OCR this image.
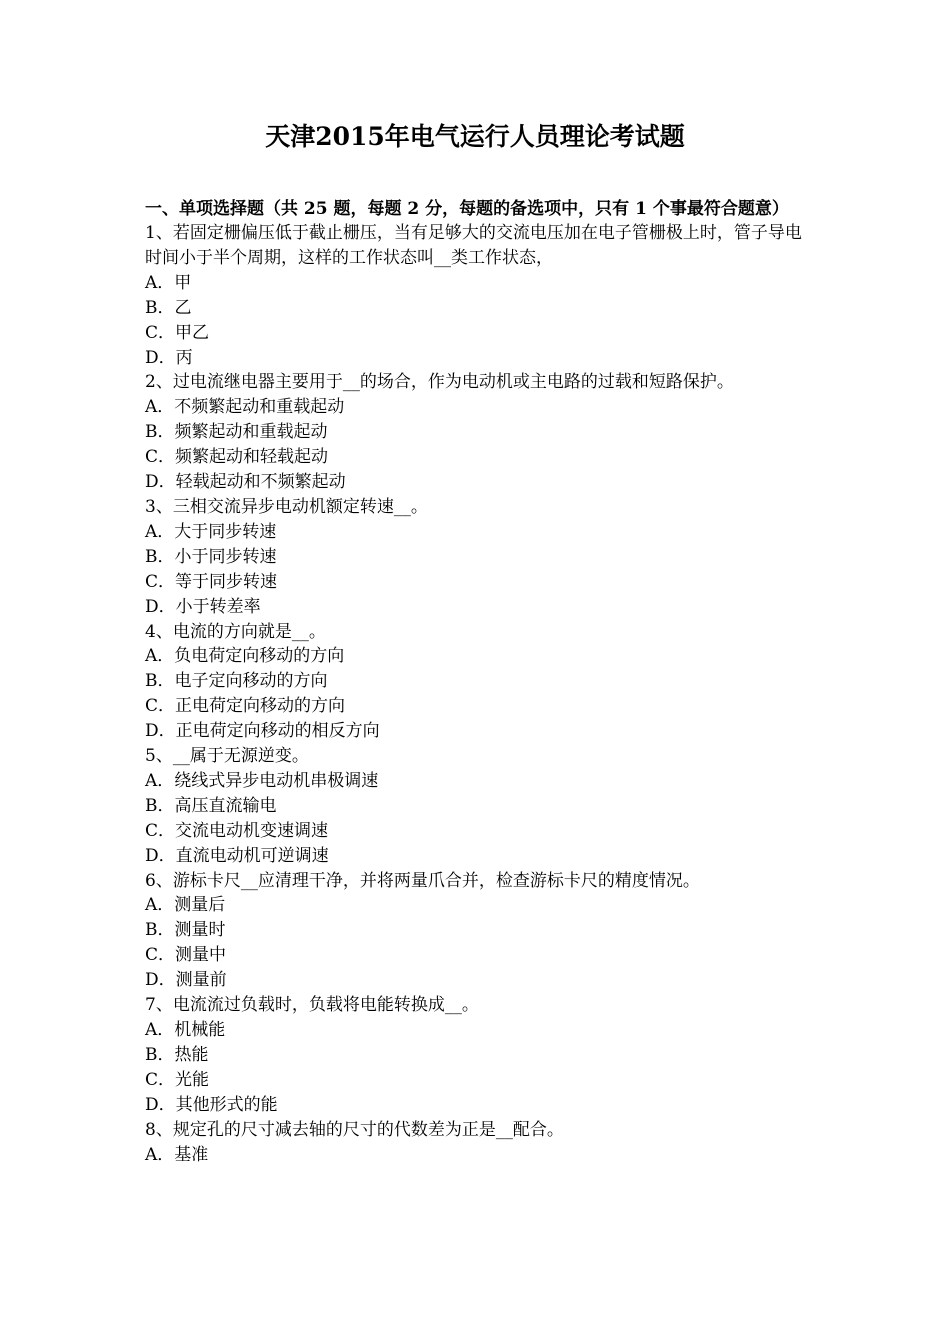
天津2015年电气运行人员理论考试题

一、单项选择题（共 25 题，每题 2 分，每题的备选项中，只有 1 个事最符合题意）

1、若固定栅偏压低于截止栅压，当有足够大的交流电压加在电子管栅极上时，管子导电时间小于半个周期，这样的工作状态叫__类工作状态，

A．甲

B．乙

C．甲乙

D．丙

2、过电流继电器主要用于__的场合，作为电动机或主电路的过载和短路保护。

A．不频繁起动和重载起动

B．频繁起动和重载起动

C．频繁起动和轻载起动

D．轻载起动和不频繁起动

3、三相交流异步电动机额定转速__。

A．大于同步转速

B．小于同步转速

C．等于同步转速

D．小于转差率

4、电流的方向就是__。

A．负电荷定向移动的方向

B．电子定向移动的方向

C．正电荷定向移动的方向

D．正电荷定向移动的相反方向

5、__属于无源逆变。

A．绕线式异步电动机串极调速

B．高压直流输电

C．交流电动机变速调速

D．直流电动机可逆调速

6、游标卡尺__应清理干净，并将两量爪合并，检查游标卡尺的精度情况。

A．测量后

B．测量时

C．测量中

D．测量前

7、电流流过负载时，负载将电能转换成__。

A．机械能

B．热能

C．光能

D．其他形式的能

8、规定孔的尺寸减去轴的尺寸的代数差为正是__配合。

A．基准
